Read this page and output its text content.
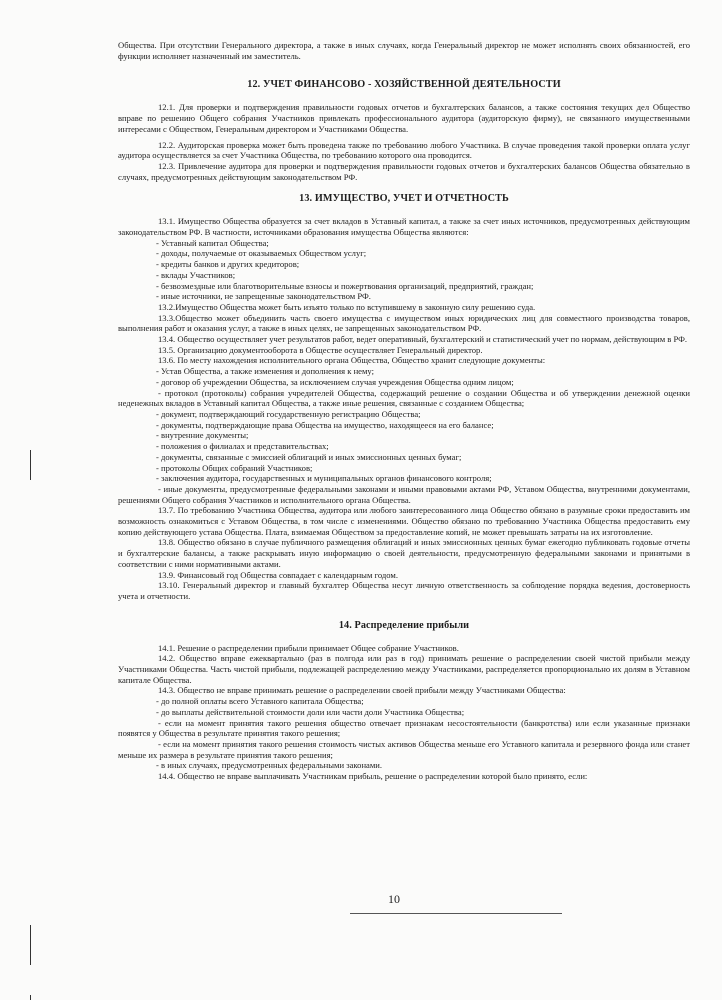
Общества. При отсутствии Генерального директора, а также в иных случаях, когда Генеральный директор не может исполнять своих обязанностей, его функции исполняет назначенный им заместитель.

12. УЧЕТ ФИНАНСОВО - ХОЗЯЙСТВЕННОЙ ДЕЯТЕЛЬНОСТИ

12.1. Для проверки и подтверждения правильности годовых отчетов и бухгалтерских балансов, а также состояния текущих дел Общество вправе по решению Общего собрания Участников привлекать профессионального аудитора (аудиторскую фирму), не связанного имущественными интересами с Обществом, Генеральным директором и Участниками Общества.

12.2. Аудиторская проверка может быть проведена также по требованию любого Участника. В случае проведения такой проверки оплата услуг аудитора осуществляется за счет Участника Общества, по требованию которого она проводится.

12.3. Привлечение аудитора для проверки и подтверждения правильности годовых отчетов и бухгалтерских балансов Общества обязательно в случаях, предусмотренных действующим законодательством РФ.

13. ИМУЩЕСТВО, УЧЕТ И ОТЧЕТНОСТЬ

13.1. Имущество Общества образуется за счет вкладов в Уставный капитал, а также за счет иных источников, предусмотренных действующим законодательством РФ. В частности, источниками образования имущества Общества являются:

- Уставный капитал Общества;

- доходы, получаемые от оказываемых Обществом услуг;

- кредиты банков и других кредиторов;

- вклады Участников;

- безвозмездные или благотворительные взносы и пожертвования организаций, предприятий, граждан;

- иные источники, не запрещенные законодательством РФ.

13.2.Имущество Общества может быть изъято только по вступившему в законную силу решению суда.

13.3.Общество может объединить часть своего имущества с имуществом иных юридических лиц для совместного производства товаров, выполнения работ и оказания услуг, а также в иных целях, не запрещенных законодательством РФ.

13.4. Общество осуществляет учет результатов работ, ведет оперативный, бухгалтерский и статистический учет по нормам, действующим в РФ.

13.5. Организацию документооборота в Обществе осуществляет Генеральный директор.

13.6. По месту нахождения исполнительного органа Общества, Общество хранит следующие документы:

- Устав Общества, а также изменения и дополнения к нему;

- договор об учреждении Общества, за исключением случая учреждения Общества одним лицом;

- протокол (протоколы) собрания учредителей Общества, содержащий решение о создании Общества и об утверждении денежной оценки неденежных вкладов в Уставный капитал Общества, а также иные решения, связанные с созданием Общества;

- документ, подтверждающий государственную регистрацию Общества;

- документы, подтверждающие права Общества на имущество, находящееся на его балансе;

- внутренние документы;

- положения о филиалах и представительствах;

- документы, связанные с эмиссией облигаций и иных эмиссионных ценных бумаг;

- протоколы Общих собраний Участников;

- заключения аудитора, государственных и муниципальных органов финансового контроля;

- иные документы, предусмотренные федеральными законами и иными правовыми актами РФ, Уставом Общества, внутренними документами, решениями Общего собрания Участников и исполнительного органа Общества.

13.7. По требованию Участника Общества, аудитора или любого заинтересованного лица Общество обязано в разумные сроки предоставить им возможность ознакомиться с Уставом Общества, в том числе с изменениями. Общество обязано по требованию Участника Общества предоставить ему копию действующего устава Общества. Плата, взимаемая Обществом за предоставление копий, не может превышать затраты на их изготовление.

13.8. Общество обязано в случае публичного размещения облигаций и иных эмиссионных ценных бумаг ежегодно публиковать годовые отчеты и бухгалтерские балансы, а также раскрывать иную информацию о своей деятельности, предусмотренную федеральными законами и принятыми в соответствии с ними нормативными актами.

13.9. Финансовый год Общества совпадает с календарным годом.

13.10. Генеральный директор и главный бухгалтер Общества несут личную ответственность за соблюдение порядка ведения, достоверность учета и отчетности.

14. Распределение прибыли

14.1. Решение о распределении прибыли принимает Общее собрание Участников.

14.2. Общество вправе ежеквартально (раз в полгода или раз в год) принимать решение о распределении своей чистой прибыли между Участниками Общества. Часть чистой прибыли, подлежащей распределению между Участниками, распределяется пропорционально их долям в Уставном капитале Общества.

14.3. Общество не вправе принимать решение о распределении своей прибыли между Участниками Общества:

- до полной оплаты всего Уставного капитала Общества;

- до выплаты действительной стоимости доли или части доли Участника Общества;

- если на момент принятия такого решения общество отвечает признакам несостоятельности (банкротства) или если указанные признаки появятся у Общества в результате принятия такого решения;

- если на момент принятия такого решения стоимость чистых активов Общества меньше его Уставного капитала и резервного фонда или станет меньше их размера в результате принятия такого решения;

- в иных случаях, предусмотренных федеральными законами.

14.4. Общество не вправе выплачивать Участникам прибыль, решение о распределении которой было принято, если:

10
